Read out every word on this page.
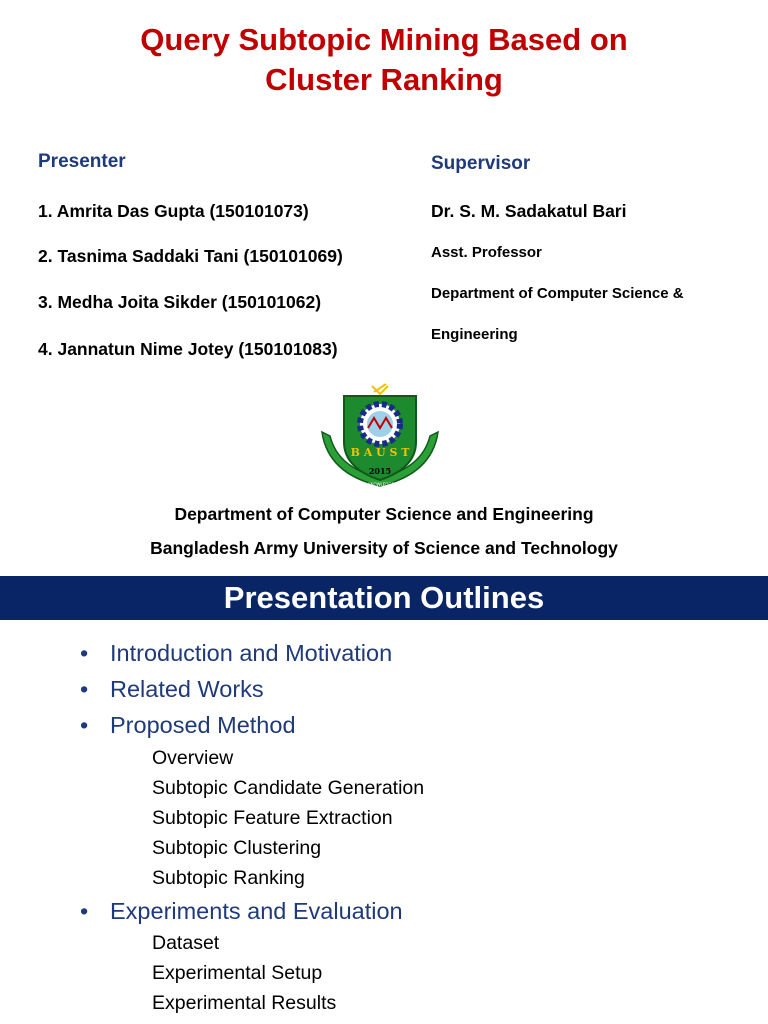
Query Subtopic Mining Based on
Cluster Ranking
Presenter
1. Amrita Das Gupta (150101073)
2. Tasnima Saddaki Tani (150101069)
3. Medha Joita Sikder (150101062)
4. Jannatun Nime Jotey (150101083)
Supervisor
Dr. S. M. Sadakatul Bari
Asst. Professor
Department of Computer Science &
Engineering
B A U S T
2015
DISCIPLINE KNOWLEDGE MORALITY
Department of Computer Science and Engineering
Bangladesh Army University of Science and Technology
Presentation Outlines
• Introduction and Motivation
• Related Works
• Proposed Method
Overview
Subtopic Candidate Generation
Subtopic Feature Extraction
Subtopic Clustering
Subtopic Ranking
• Experiments and Evaluation
Dataset
Experimental Setup
Experimental Results
